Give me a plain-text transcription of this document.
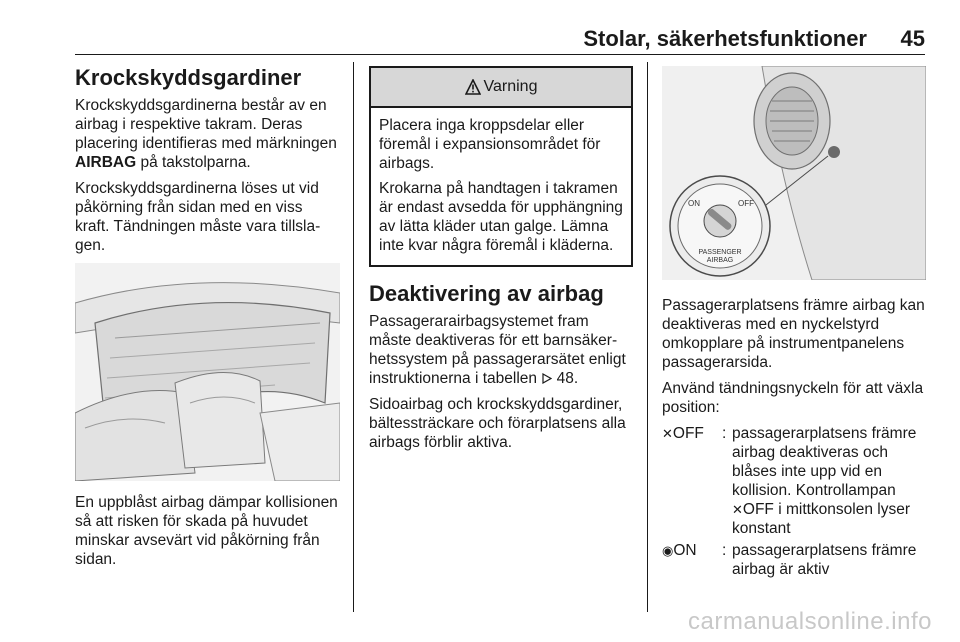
Stolar, säkerhetsfunktioner 45
Krockskyddsgardiner

Krockskyddsgardinerna består av en airbag i respektive takram. Deras placering identifieras med märkningen AIRBAG på takstolparna.

Krockskyddsgardinerna löses ut vid påkörning från sidan med en viss kraft. Tändningen måste vara tillslagen.

En uppblåst airbag dämpar kollisionen så att risken för skada på huvudet minskar avsevärt vid påkörning från sidan.

Varning

Placera inga kroppsdelar eller föremål i expansionsområdet för airbags.

Krokarna på handtagen i takramen är endast avsedda för upphängning av lätta kläder utan galge. Lämna inte kvar några föremål i kläderna.

Deaktivering av airbag

Passagerarairbagsystemet fram måste deaktiveras för ett barnsäkerhetssystem på passagerarsätet enligt instruktionerna i tabellen  48.

Sidoairbag och krockskyddsgardiner, bältessträckare och förarplatsens alla airbags förblir aktiva.

ON	OFF
PASSENGER
AIRBAG

Passagerarplatsens främre airbag kan deaktiveras med en nyckelstyrd omkopplare på instrumentpanelens passagerarsida.

Använd tändningsnyckeln för att växla position:

✕OFF	: passagerarplatsens främre airbag deaktiveras och blåses inte upp vid en kollision. Kontrollampan ✕OFF i mittkonsolen lyser konstant
◉ON	: passagerarplatsens främre airbag är aktiv
carmanualsonline.info
